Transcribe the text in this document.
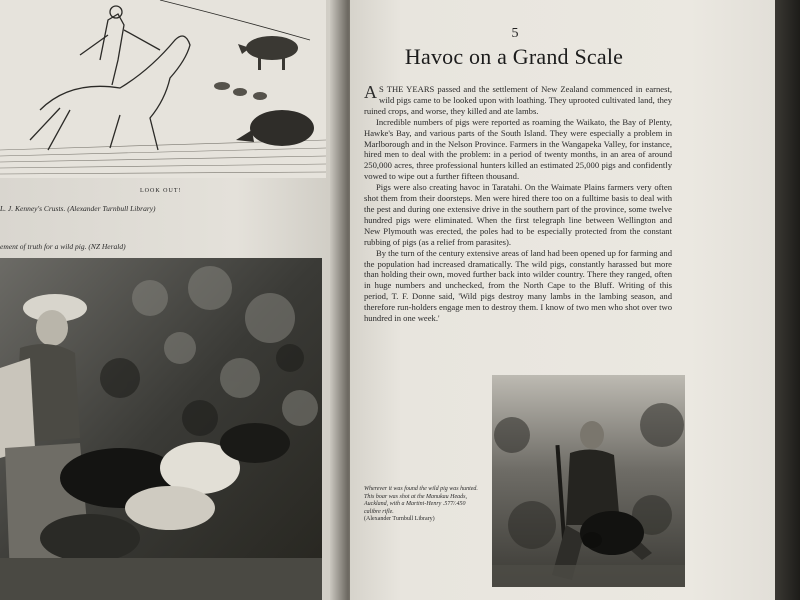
LOOK OUT!
L. J. Kenney's Crusts. (Alexander Turnbull Library)
ement of truth for a wild pig. (NZ Herald)
5
Havoc on a Grand Scale

A S THE YEARS passed and the settlement of New Zealand commenced in earnest, wild pigs came to be looked upon with loathing. They uprooted cultivated land, they ruined crops, and worse, they killed and ate lambs.

Incredible numbers of pigs were reported as roaming the Waikato, the Bay of Plenty, Hawke's Bay, and various parts of the South Island. They were especially a problem in Marlborough and in the Nelson Province. Farmers in the Wangapeka Valley, for instance, hired men to deal with the problem: in a period of twenty months, in an area of around 250,000 acres, three professional hunters killed an estimated 25,000 pigs and confidently vowed to wipe out a further fifteen thousand.

Pigs were also creating havoc in Taratahi. On the Waimate Plains farmers very often shot them from their doorsteps. Men were hired there too on a fulltime basis to deal with the pest and during one extensive drive in the southern part of the province, some twelve hundred pigs were eliminated. When the first telegraph line between Wellington and New Plymouth was erected, the poles had to be especially protected from the constant rubbing of pigs (as a relief from parasites).

By the turn of the century extensive areas of land had been opened up for farming and the population had increased dramatically. The wild pigs, constantly harassed but more than holding their own, moved further back into wilder country. There they ranged, often in huge numbers and unchecked, from the North Cape to the Bluff. Writing of this period, T. F. Donne said, 'Wild pigs destroy many lambs in the lambing season, and therefore run-holders engage men to destroy them. I know of two men who shot over two hundred in one week.'

Wherever it was found the wild pig was hunted. This boar was shot at the Manukau Heads, Auckland, with a Martini-Henry .577/.450 calibre rifle.
(Alexander Turnbull Library)
